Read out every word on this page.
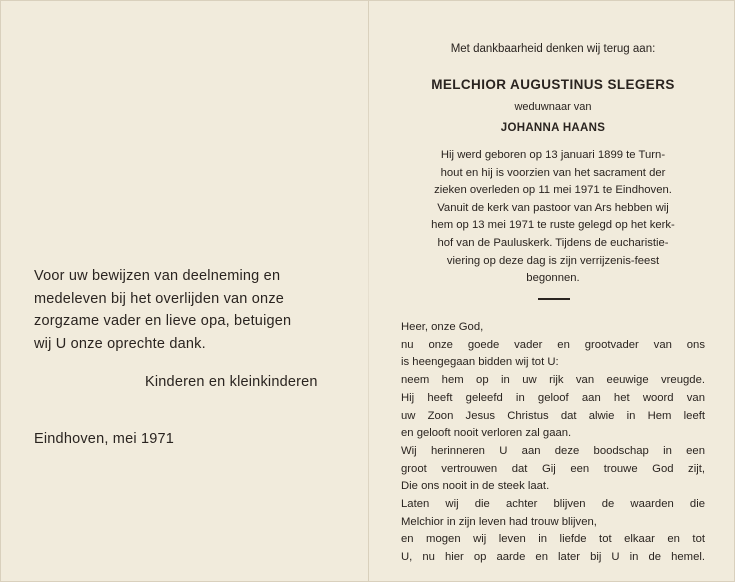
Voor uw bewijzen van deelneming en
medeleven bij het overlijden van onze
zorgzame vader en lieve opa, betuigen
wij U onze oprechte dank.
Kinderen en kleinkinderen
Eindhoven, mei 1971
Met dankbaarheid denken wij terug aan:
MELCHIOR AUGUSTINUS SLEGERS
weduwnaar van
JOHANNA HAANS
Hij werd geboren op 13 januari 1899 te Turn-
hout en hij is voorzien van het sacrament der
zieken overleden op 11 mei 1971 te Eindhoven.
Vanuit de kerk van pastoor van Ars hebben wij
hem op 13 mei 1971 te ruste gelegd op het kerk-
hof van de Pauluskerk. Tijdens de eucharistie-
viering op deze dag is zijn verrijzenis-feest
begonnen.
Heer, onze God,
nu onze goede vader en grootvader van ons
is heengegaan bidden wij tot U:
neem hem op in uw rijk van eeuwige vreugde.
Hij heeft geleefd in geloof aan het woord van
uw Zoon Jesus Christus dat alwie in Hem leeft
en gelooft nooit verloren zal gaan.
Wij herinneren U aan deze boodschap in een
groot vertrouwen dat Gij een trouwe God zijt,
Die ons nooit in de steek laat.
Laten wij die achter blijven de waarden die
Melchior in zijn leven had trouw blijven,
en mogen wij leven in liefde tot elkaar en tot
U, nu hier op aarde en later bij U in de hemel.
